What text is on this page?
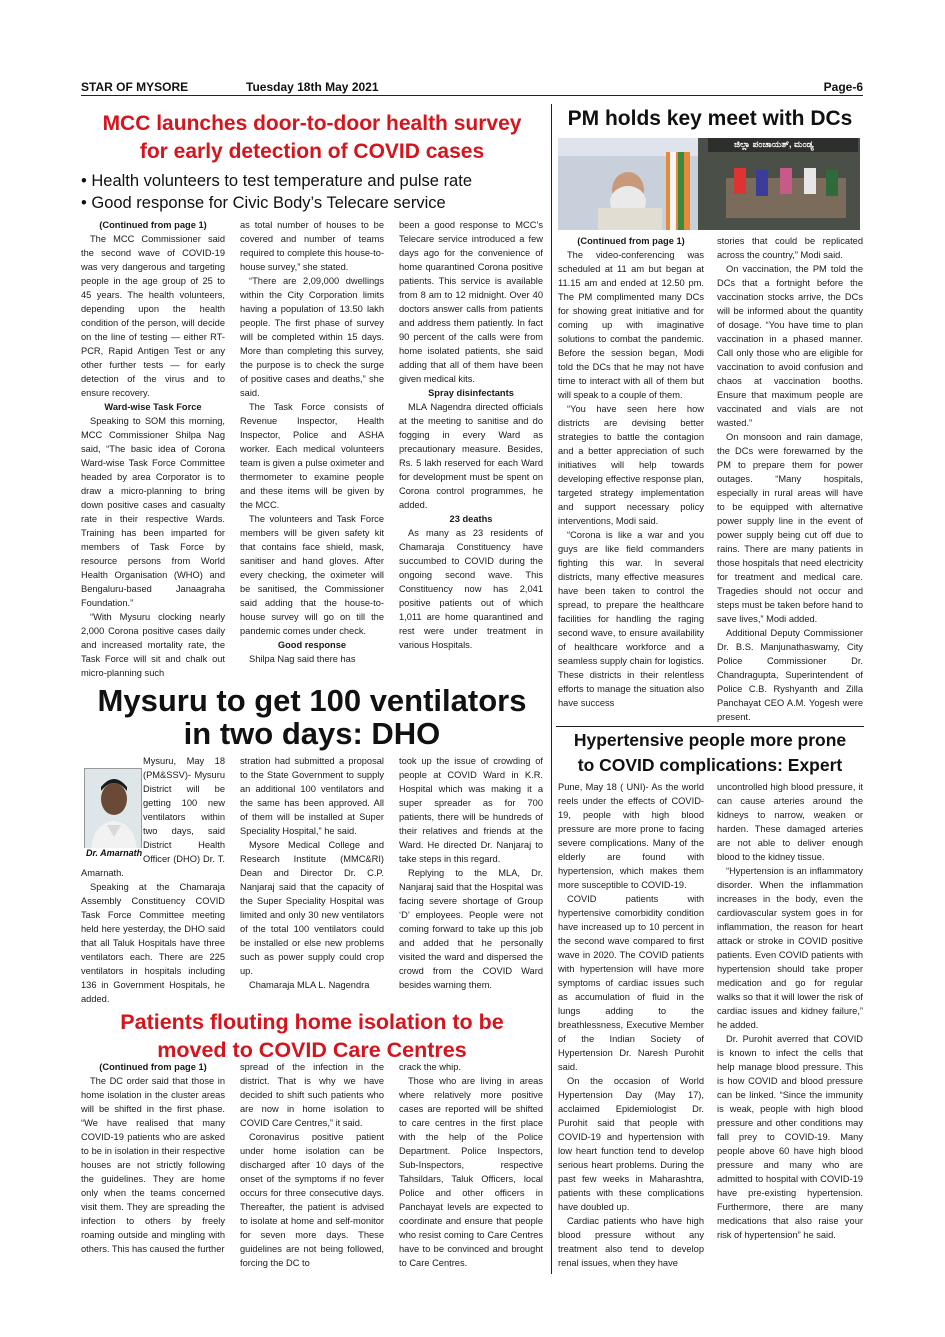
STAR OF MYSORE	Tuesday 18th May 2021	Page-6
MCC launches door-to-door health survey
for early detection of COVID cases
• Health volunteers to test temperature and pulse rate
• Good response for Civic Body’s Telecare service

(Continued from page 1)

The MCC Commissioner said the second wave of COVID-19 was very dangerous and targeting people in the age group of 25 to 45 years. The health volunteers, depending upon the health condition of the person, will decide on the line of testing — either RT-PCR, Rapid Antigen Test or any other further tests — for early detection of the virus and to ensure recovery.

Ward-wise Task Force

Speaking to SOM this morning, MCC Commissioner Shilpa Nag said, “The basic idea of Corona Ward-wise Task Force Committee headed by area Corporator is to draw a micro-planning to bring down positive cases and casualty rate in their respective Wards. Training has been imparted for members of Task Force by resource persons from World Health Organisation (WHO) and Bengaluru-based Janaagraha Foundation.”

“With Mysuru clocking nearly 2,000 Corona positive cases daily and increased mortality rate, the Task Force will sit and chalk out micro-planning such

as total number of houses to be covered and number of teams required to complete this house-to-house survey,” she stated.

“There are 2,09,000 dwellings within the City Corporation limits having a population of 13.50 lakh people. The first phase of survey will be completed within 15 days. More than completing this survey, the purpose is to check the surge of positive cases and deaths,” she said.

The Task Force consists of Revenue Inspector, Health Inspector, Police and ASHA worker. Each medical volunteers team is given a pulse oximeter and thermometer to examine people and these items will be given by the MCC.

The volunteers and Task Force members will be given safety kit that contains face shield, mask, sanitiser and hand gloves. After every checking, the oximeter will be sanitised, the Commissioner said adding that the house-to-house survey will go on till the pandemic comes under check.

Good response

Shilpa Nag said there has

been a good response to MCC’s Telecare service introduced a few days ago for the convenience of home quarantined Corona positive patients. This service is available from 8 am to 12 midnight. Over 40 doctors answer calls from patients and address them patiently. In fact 90 percent of the calls were from home isolated patients, she said adding that all of them have been given medical kits.

Spray disinfectants

MLA Nagendra directed officials at the meeting to sanitise and do fogging in every Ward as precautionary measure. Besides, Rs. 5 lakh reserved for each Ward for development must be spent on Corona control programmes, he added.

23 deaths

As many as 23 residents of Chamaraja Constituency have succumbed to COVID during the ongoing second wave. This Constituency now has 2,041 positive patients out of which 1,011 are home quarantined and rest were under treatment in various Hospitals.

PM holds key meet with DCs
ಜಿಲ್ಲಾ ಪಂಚಾಯತ್, ಮಂಡ್ಯ

(Continued from page 1)

The video-conferencing was scheduled at 11 am but began at 11.15 am and ended at 12.50 pm. The PM complimented many DCs for showing great initiative and for coming up with imaginative solutions to combat the pandemic. Before the session began, Modi told the DCs that he may not have time to interact with all of them but will speak to a couple of them.

“You have seen here how districts are devising better strategies to battle the contagion and a better appreciation of such initiatives will help towards developing effective response plan, targeted strategy implementation and support necessary policy interventions, Modi said.

“Corona is like a war and you guys are like field commanders fighting this war. In several districts, many effective measures have been taken to control the spread, to prepare the healthcare facilities for handling the raging second wave, to ensure availability of healthcare workforce and a seamless supply chain for logistics. These districts in their relentless efforts to manage the situation also have success

stories that could be replicated across the country,” Modi said.

On vaccination, the PM told the DCs that a fortnight before the vaccination stocks arrive, the DCs will be informed about the quantity of dosage. “You have time to plan vaccination in a phased manner. Call only those who are eligible for vaccination to avoid confusion and chaos at vaccination booths. Ensure that maximum people are vaccinated and vials are not wasted.”

On monsoon and rain damage, the DCs were forewarned by the PM to prepare them for power outages. “Many hospitals, especially in rural areas will have to be equipped with alternative power supply line in the event of power supply being cut off due to rains. There are many patients in those hospitals that need electricity for treatment and medical care. Tragedies should not occur and steps must be taken before hand to save lives,” Modi added.

Additional Deputy Commissioner Dr. B.S. Manjunathaswamy, City Police Commissioner Dr. Chandragupta, Superintendent of Police C.B. Ryshyanth and Zilla Panchayat CEO A.M. Yogesh were present.

Mysuru to get 100 ventilators
in two days: DHO
Dr. Amarnath

Mysuru, May 18 (PM&SSV)- Mysuru District will be getting 100 new ventilators within two days, said District Health Officer (DHO) Dr. T. Amarnath.

Speaking at the Chamaraja Assembly Constituency COVID Task Force Committee meeting held here yesterday, the DHO said that all Taluk Hospitals have three ventilators each. There are 225 ventilators in hospitals including 136 in Government Hospitals, he added.

stration had submitted a proposal to the State Government to supply an additional 100 ventilators and the same has been approved. All of them will be installed at Super Speciality Hospital,” he said.

Mysore Medical College and Research Institute (MMC&RI) Dean and Director Dr. C.P. Nanjaraj said that the capacity of the Super Speciality Hospital was limited and only 30 new ventilators of the total 100 ventilators could be installed or else new problems such as power supply could crop up.

Chamaraja MLA L. Nagendra

took up the issue of crowding of people at COVID Ward in K.R. Hospital which was making it a super spreader as for 700 patients, there will be hundreds of their relatives and friends at the Ward. He directed Dr. Nanjaraj to take steps in this regard.

Replying to the MLA, Dr. Nanjaraj said that the Hospital was facing severe shortage of Group ‘D’ employees. People were not coming forward to take up this job and added that he personally visited the ward and dispersed the crowd from the COVID Ward besides warning them.

Patients flouting home isolation to be
moved to COVID Care Centres

(Continued from page 1)

The DC order said that those in home isolation in the cluster areas will be shifted in the first phase. “We have realised that many COVID-19 patients who are asked to be in isolation in their respective houses are not strictly following the guidelines. They are home only when the teams concerned visit them. They are spreading the infection to others by freely roaming outside and mingling with others. This has caused the further

spread of the infection in the district. That is why we have decided to shift such patients who are now in home isolation to COVID Care Centres,” it said.

Coronavirus positive patient under home isolation can be discharged after 10 days of the onset of the symptoms if no fever occurs for three consecutive days. Thereafter, the patient is advised to isolate at home and self-monitor for seven more days. These guidelines are not being followed, forcing the DC to

crack the whip.

Those who are living in areas where relatively more positive cases are reported will be shifted to care centres in the first place with the help of the Police Department. Police Inspectors, Sub-Inspectors, respective Tahsildars, Taluk Officers, local Police and other officers in Panchayat levels are expected to coordinate and ensure that people who resist coming to Care Centres have to be convinced and brought to Care Centres.

Hypertensive people more prone
to COVID complications: Expert

Pune, May 18 ( UNI)- As the world reels under the effects of COVID-19, people with high blood pressure are more prone to facing severe complications. Many of the elderly are found with hypertension, which makes them more susceptible to COVID-19.

COVID patients with hypertensive comorbidity condition have increased up to 10 percent in the second wave compared to first wave in 2020. The COVID patients with hypertension will have more symptoms of cardiac issues such as accumulation of fluid in the lungs adding to the breathlessness, Executive Member of the Indian Society of Hypertension Dr. Naresh Purohit said.

On the occasion of World Hypertension Day (May 17), acclaimed Epidemiologist Dr. Purohit said that people with COVID-19 and hypertension with low heart function tend to develop serious heart problems. During the past few weeks in Maharashtra, patients with these complications have doubled up.

Cardiac patients who have high blood pressure without any treatment also tend to develop renal issues, when they have

uncontrolled high blood pressure, it can cause arteries around the kidneys to narrow, weaken or harden. These damaged arteries are not able to deliver enough blood to the kidney tissue.

“Hypertension is an inflammatory disorder. When the inflammation increases in the body, even the cardiovascular system goes in for inflammation, the reason for heart attack or stroke in COVID positive patients. Even COVID patients with hypertension should take proper medication and go for regular walks so that it will lower the risk of cardiac issues and kidney failure,” he added.

Dr. Purohit averred that COVID is known to infect the cells that help manage blood pressure. This is how COVID and blood pressure can be linked. “Since the immunity is weak, people with high blood pressure and other conditions may fall prey to COVID-19. Many people above 60 have high blood pressure and many who are admitted to hospital with COVID-19 have pre-existing hypertension. Furthermore, there are many medications that also raise your risk of hypertension” he said.
